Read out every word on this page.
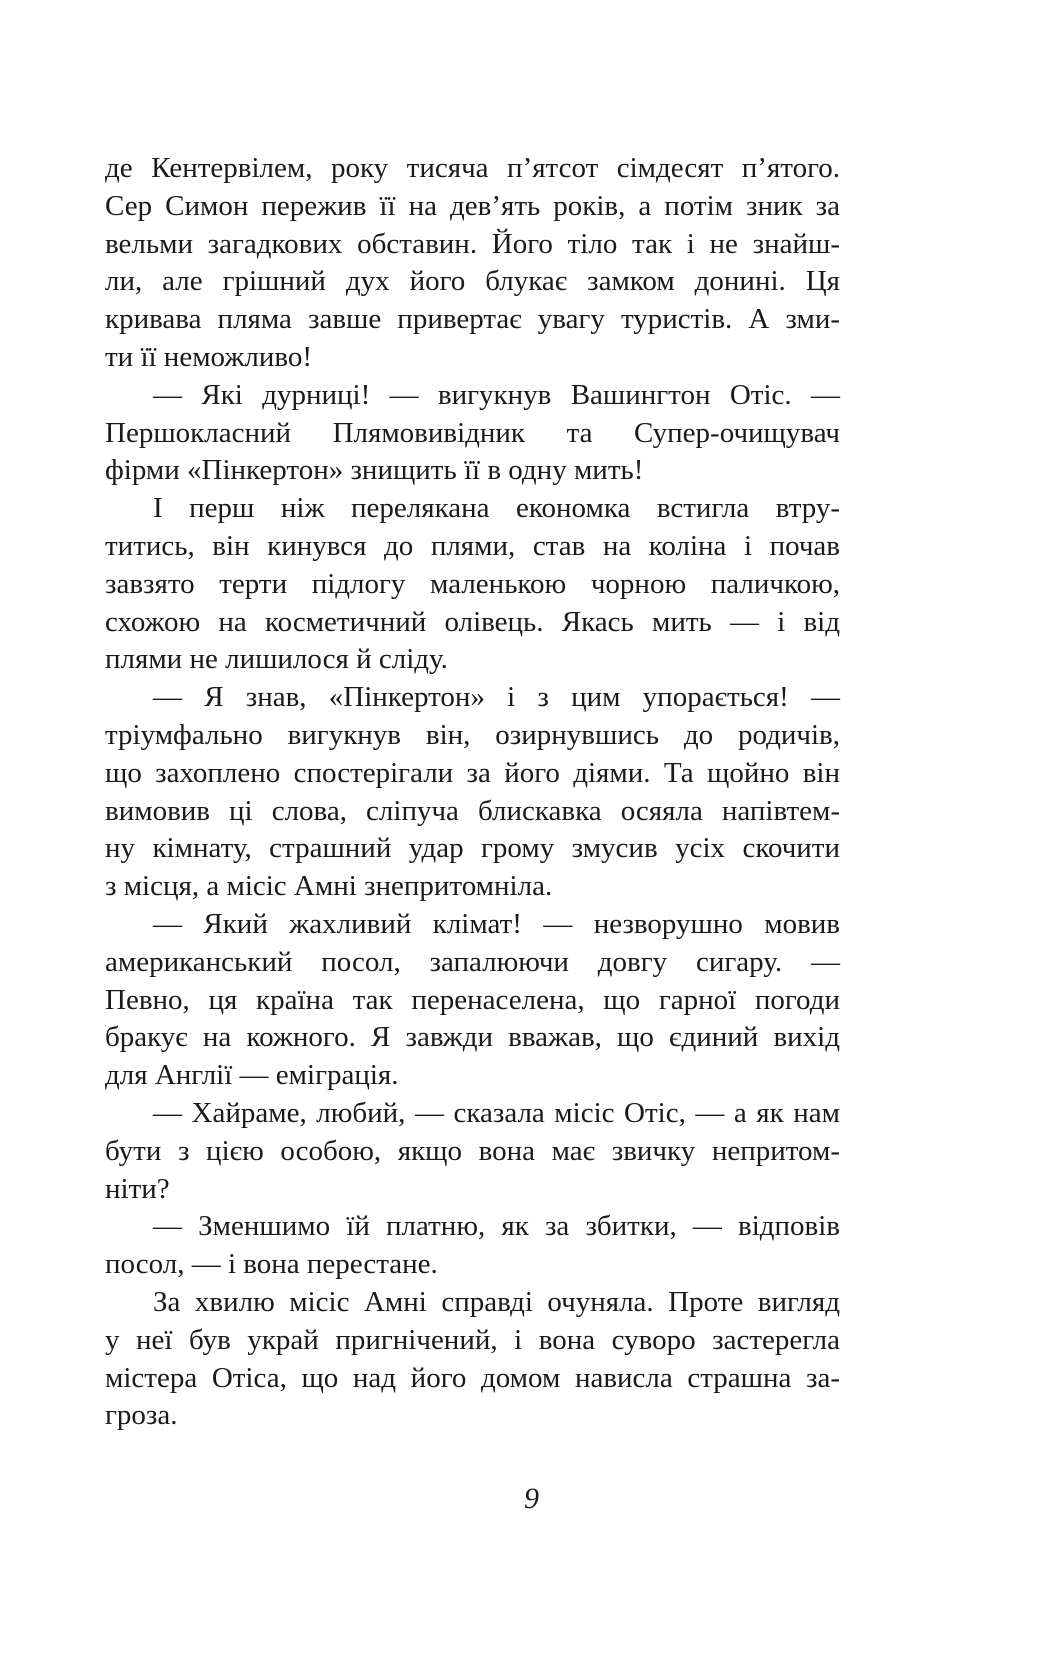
де Кентервілем, року тисяча п’ятсот сімдесят п’ятого.
Сер Симон пережив її на дев’ять років, а потім зник за
вельми загадкових обставин. Його тіло так і не знайш-
ли, але грішний дух його блукає замком донині. Ця
кривава пляма завше привертає увагу туристів. А зми-
ти її неможливо!
— Які дурниці! — вигукнув Вашингтон Отіс. —
Першокласний Плямовивідник та Супер-очищувач
фірми «Пінкертон» знищить її в одну мить!
І перш ніж перелякана економка встигла втру-
титись, він кинувся до плями, став на коліна і почав
завзято терти підлогу маленькою чорною паличкою,
схожою на косметичний олівець. Якась мить — і від
плями не лишилося й сліду.
— Я знав, «Пінкертон» і з цим упорається! —
тріумфально вигукнув він, озирнувшись до родичів,
що захоплено спостерігали за його діями. Та щойно він
вимовив ці слова, сліпуча блискавка осяяла напівтем-
ну кімнату, страшний удар грому змусив усіх скочити
з місця, а місіс Амні знепритомніла.
— Який жахливий клімат! — незворушно мовив
американський посол, запалюючи довгу сигару. —
Певно, ця країна так перенаселена, що гарної погоди
бракує на кожного. Я завжди вважав, що єдиний вихід
для Англії — еміграція.
— Хайраме, любий, — сказала місіс Отіс, — а як нам
бути з цією особою, якщо вона має звичку непритом-
ніти?
— Зменшимо їй платню, як за збитки, — відповів
посол, — і вона перестане.
За хвилю місіс Амні справді очуняла. Проте вигляд
у неї був украй пригнічений, і вона суворо застерегла
містера Отіса, що над його домом нависла страшна за-
гроза.
9
